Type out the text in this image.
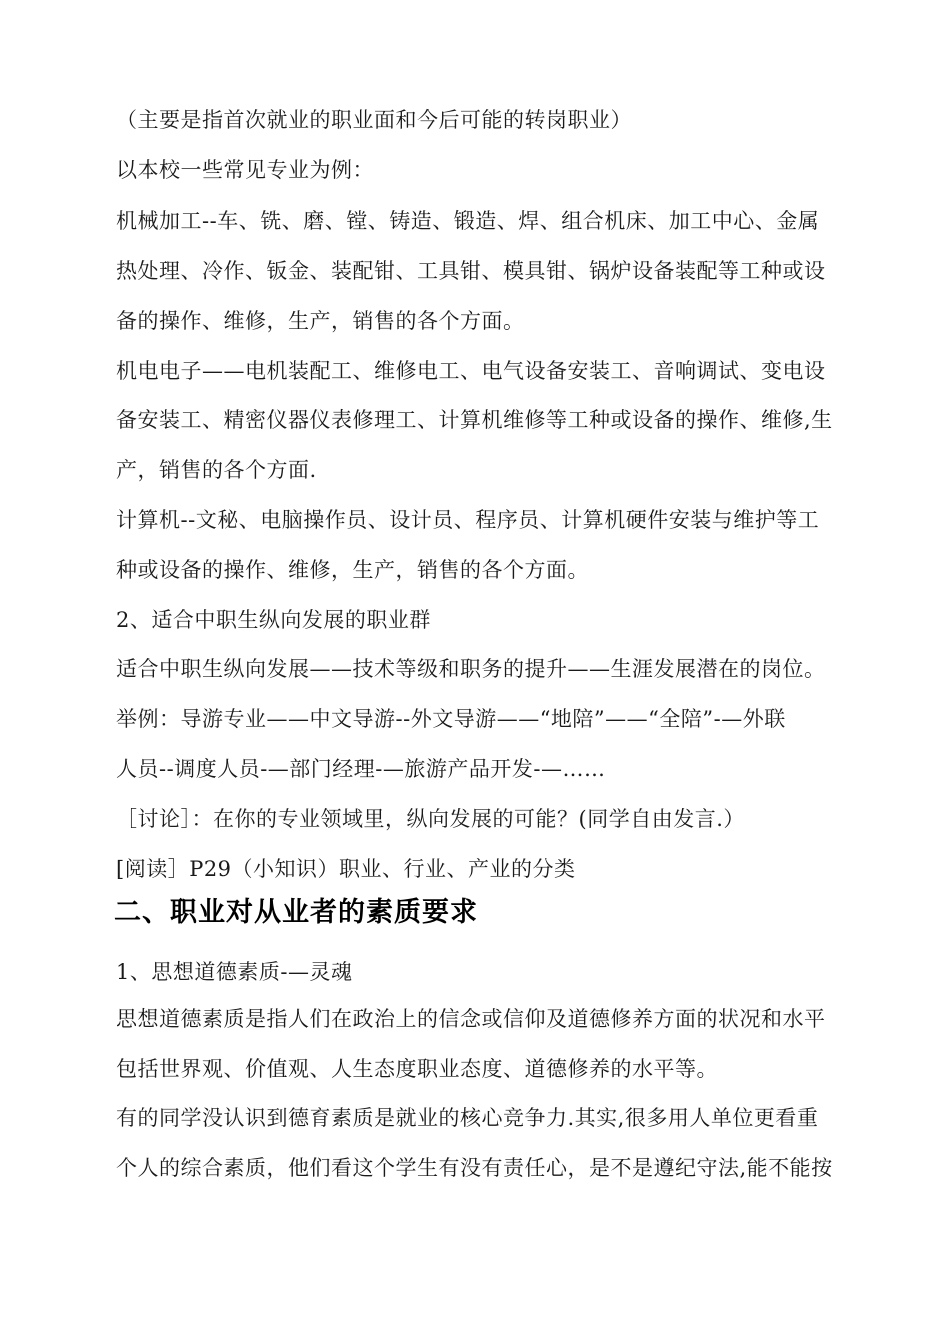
（主要是指首次就业的职业面和今后可能的转岗职业）
以本校一些常见专业为例：
机械加工--车、铣、磨、镗、铸造、锻造、焊、组合机床、加工中心、金属
热处理、冷作、钣金、装配钳、工具钳、模具钳、锅炉设备装配等工种或设
备的操作、维修，生产，销售的各个方面。
机电电子——电机装配工、维修电工、电气设备安装工、音响调试、变电设
备安装工、精密仪器仪表修理工、计算机维修等工种或设备的操作、维修,生
产，销售的各个方面.
计算机--文秘、电脑操作员、设计员、程序员、计算机硬件安装与维护等工
种或设备的操作、维修，生产，销售的各个方面。
2、适合中职生纵向发展的职业群
适合中职生纵向发展——技术等级和职务的提升——生涯发展潜在的岗位。
举例：导游专业——中文导游--外文导游——“地陪”——“全陪”-—外联
人员--调度人员-—部门经理-—旅游产品开发-—……
［讨论］：在你的专业领域里，纵向发展的可能？(同学自由发言.）
[阅读］P29（小知识）职业、行业、产业的分类
二、职业对从业者的素质要求
1、思想道德素质-—灵魂
思想道德素质是指人们在政治上的信念或信仰及道德修养方面的状况和水平
包括世界观、价值观、人生态度职业态度、道德修养的水平等。
有的同学没认识到德育素质是就业的核心竞争力.其实,很多用人单位更看重
个人的综合素质，他们看这个学生有没有责任心，是不是遵纪守法,能不能按
